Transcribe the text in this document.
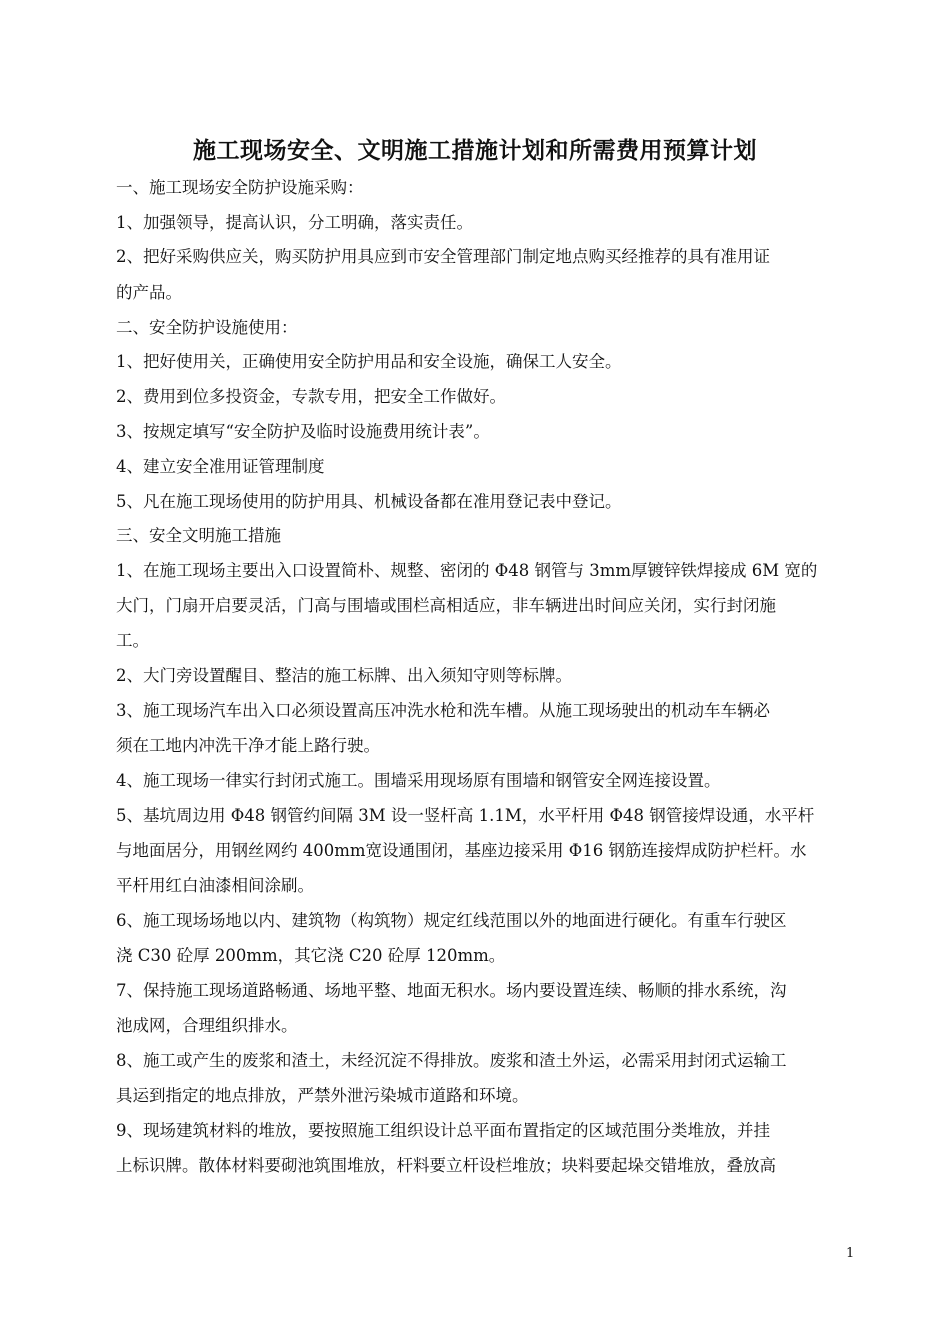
施工现场安全、文明施工措施计划和所需费用预算计划
一、施工现场安全防护设施采购：
1、加强领导，提高认识，分工明确，落实责任。
2、把好采购供应关，购买防护用具应到市安全管理部门制定地点购买经推荐的具有准用证
的产品。
二、安全防护设施使用：
1、把好使用关，正确使用安全防护用品和安全设施，确保工人安全。
2、费用到位多投资金，专款专用，把安全工作做好。
3、按规定填写“安全防护及临时设施费用统计表”。
4、建立安全准用证管理制度
5、凡在施工现场使用的防护用具、机械设备都在准用登记表中登记。
三、安全文明施工措施
1、在施工现场主要出入口设置简朴、规整、密闭的 Φ48 钢管与 3mm厚镀锌铁焊接成 6M 宽的
大门，门扇开启要灵活，门高与围墙或围栏高相适应，非车辆进出时间应关闭，实行封闭施
工。
2、大门旁设置醒目、整洁的施工标牌、出入须知守则等标牌。
3、施工现场汽车出入口必须设置高压冲洗水枪和洗车槽。从施工现场驶出的机动车车辆必
须在工地内冲洗干净才能上路行驶。
4、施工现场一律实行封闭式施工。围墙采用现场原有围墙和钢管安全网连接设置。
5、基坑周边用 Φ48 钢管约间隔 3M 设一竖杆高 1.1M，水平杆用 Φ48 钢管接焊设通，水平杆
与地面居分，用钢丝网约 400mm宽设通围闭，基座边接采用 Φ16 钢筋连接焊成防护栏杆。水
平杆用红白油漆相间涂刷。
6、施工现场场地以内、建筑物（构筑物）规定红线范围以外的地面进行硬化。有重车行驶区
浇 C30 砼厚 200mm，其它浇 C20 砼厚 120mm。
7、保持施工现场道路畅通、场地平整、地面无积水。场内要设置连续、畅顺的排水系统，沟
池成网，合理组织排水。
8、施工或产生的废浆和渣土，未经沉淀不得排放。废浆和渣土外运，必需采用封闭式运输工
具运到指定的地点排放，严禁外泄污染城市道路和环境。
9、现场建筑材料的堆放，要按照施工组织设计总平面布置指定的区域范围分类堆放，并挂
上标识牌。散体材料要砌池筑围堆放，杆料要立杆设栏堆放；块料要起垛交错堆放，叠放高
1
